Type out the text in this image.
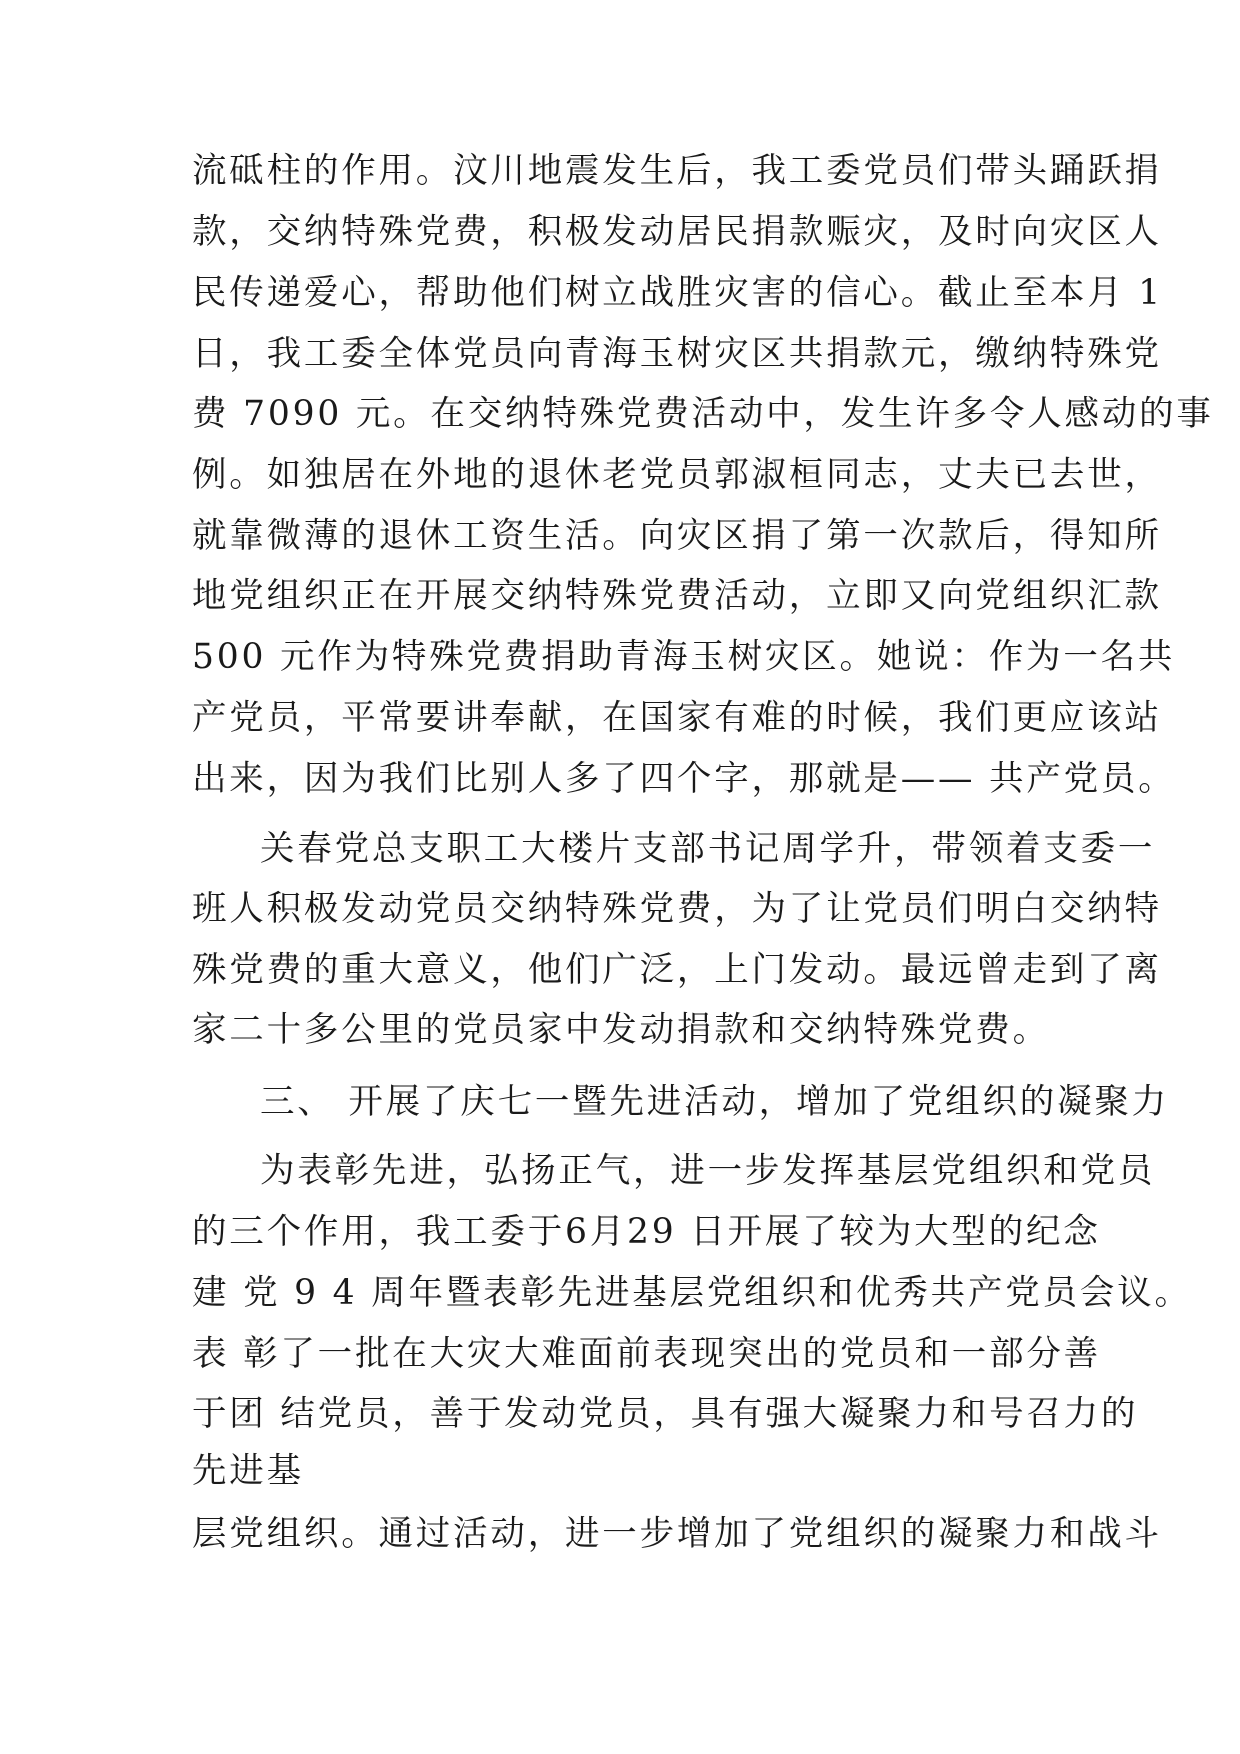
流砥柱的作用。汶川地震发生后，我工委党员们带头踊跃捐

款，交纳特殊党费，积极发动居民捐款赈灾，及时向灾区人

民传递爱心，帮助他们树立战胜灾害的信心。截止至本月 1

日，我工委全体党员向青海玉树灾区共捐款元，缴纳特殊党

费 7090 元。在交纳特殊党费活动中，发生许多令人感动的事

例。如独居在外地的退休老党员郭淑桓同志，丈夫已去世，

就靠微薄的退休工资生活。向灾区捐了第一次款后，得知所

地党组织正在开展交纳特殊党费活动，立即又向党组织汇款

500 元作为特殊党费捐助青海玉树灾区。她说：作为一名共

产党员，平常要讲奉献，在国家有难的时候，我们更应该站

出来，因为我们比别人多了四个字，那就是—— 共产党员。

关春党总支职工大楼片支部书记周学升，带领着支委一

班人积极发动党员交纳特殊党费，为了让党员们明白交纳特

殊党费的重大意义，他们广泛，上门发动。最远曾走到了离

家二十多公里的党员家中发动捐款和交纳特殊党费。

三、 开展了庆七一暨先进活动，增加了党组织的凝聚力

为表彰先进，弘扬正气，进一步发挥基层党组织和党员

的三个作用，我工委于6月29 日开展了较为大型的纪念

建 党 9 4 周年暨表彰先进基层党组织和优秀共产党员会议。

表 彰了一批在大灾大难面前表现突出的党员和一部分善

于团 结党员，善于发动党员，具有强大凝聚力和号召力的

先进基

层党组织。通过活动，进一步增加了党组织的凝聚力和战斗
